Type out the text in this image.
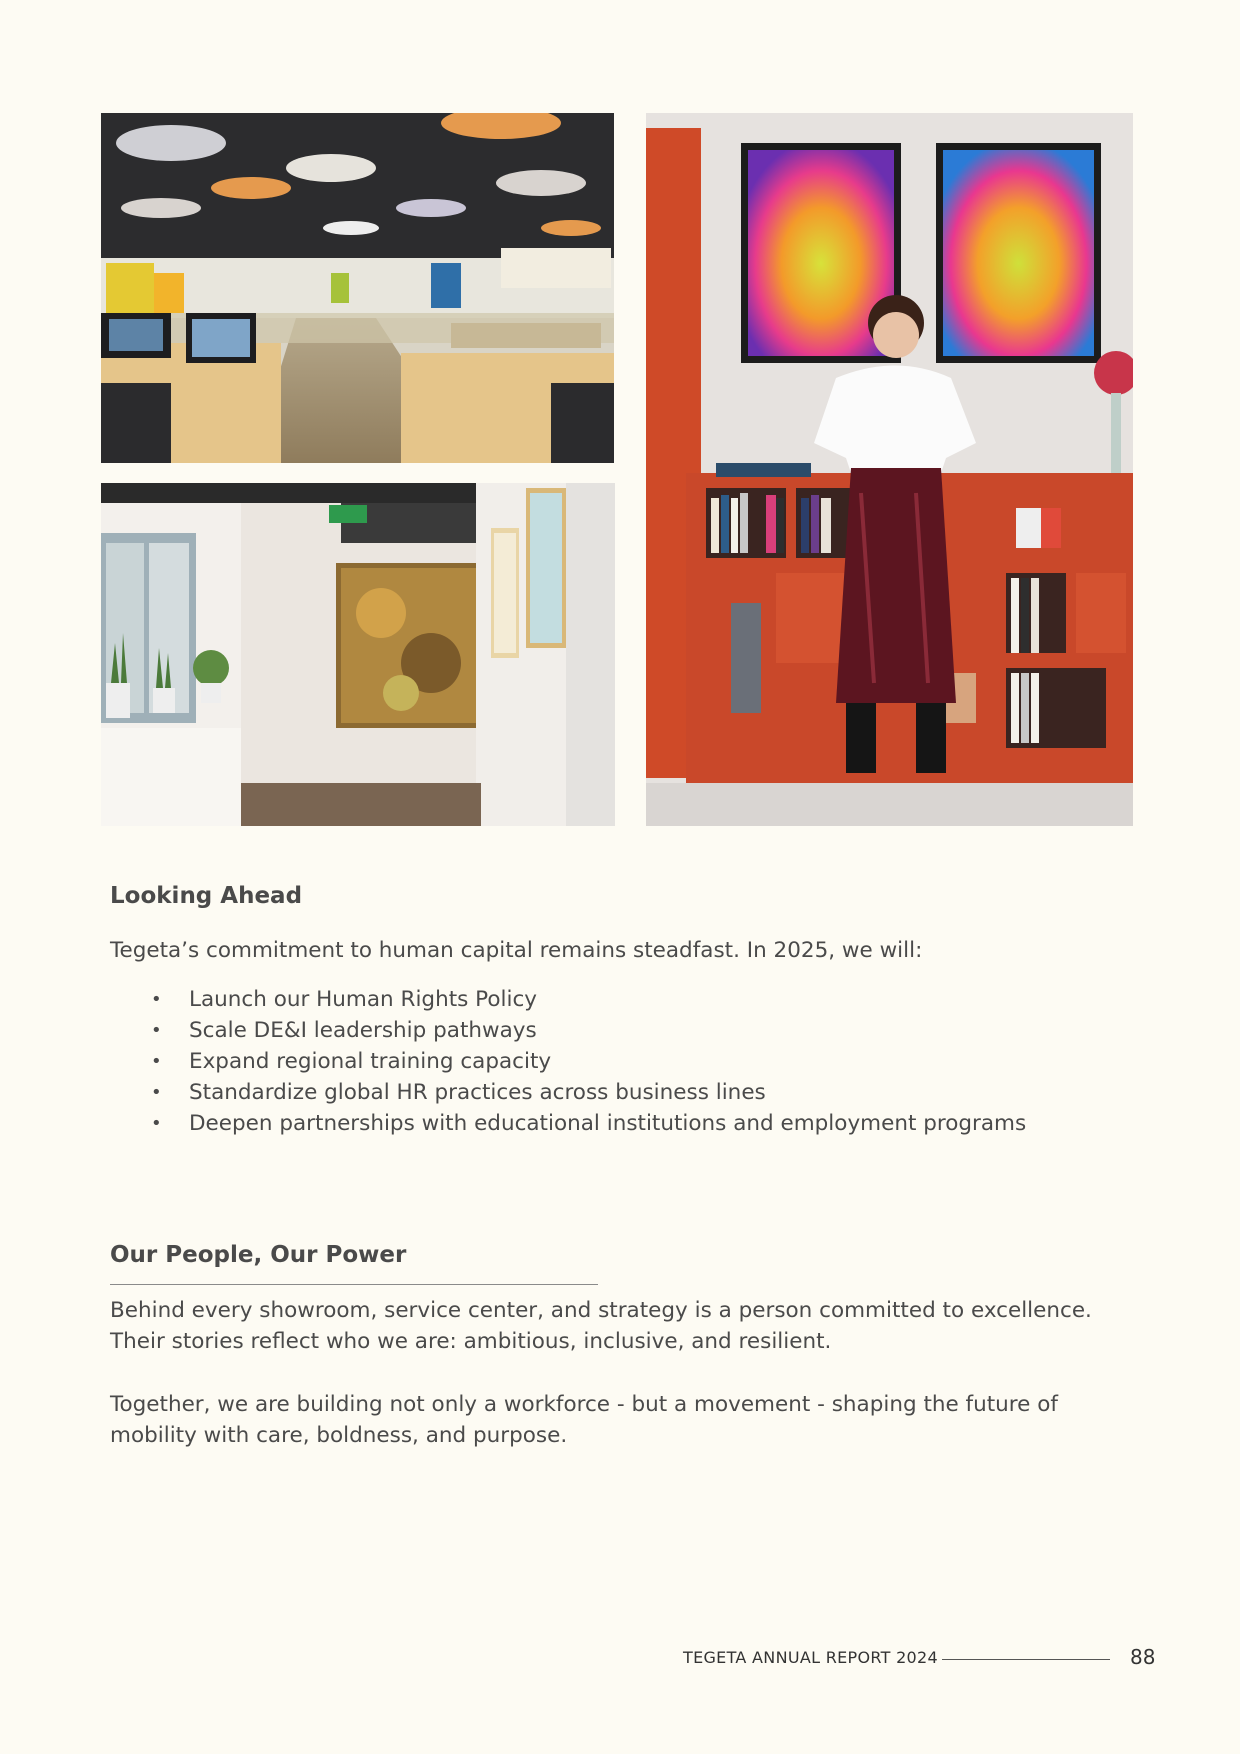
Looking Ahead

Tegeta’s commitment to human capital remains steadfast. In 2025, we will:

• Launch our Human Rights Policy
• Scale DE&I leadership pathways
• Expand regional training capacity
• Standardize global HR practices across business lines
• Deepen partnerships with educational institutions and employment programs
Our People, Our Power

Behind every showroom, service center, and strategy is a person committed to excellence.
Their stories reflect who we are: ambitious, inclusive, and resilient.

Together, we are building not only a workforce - but a movement - shaping the future of
mobility with care, boldness, and purpose.

TEGETA ANNUAL REPORT 2024	88
